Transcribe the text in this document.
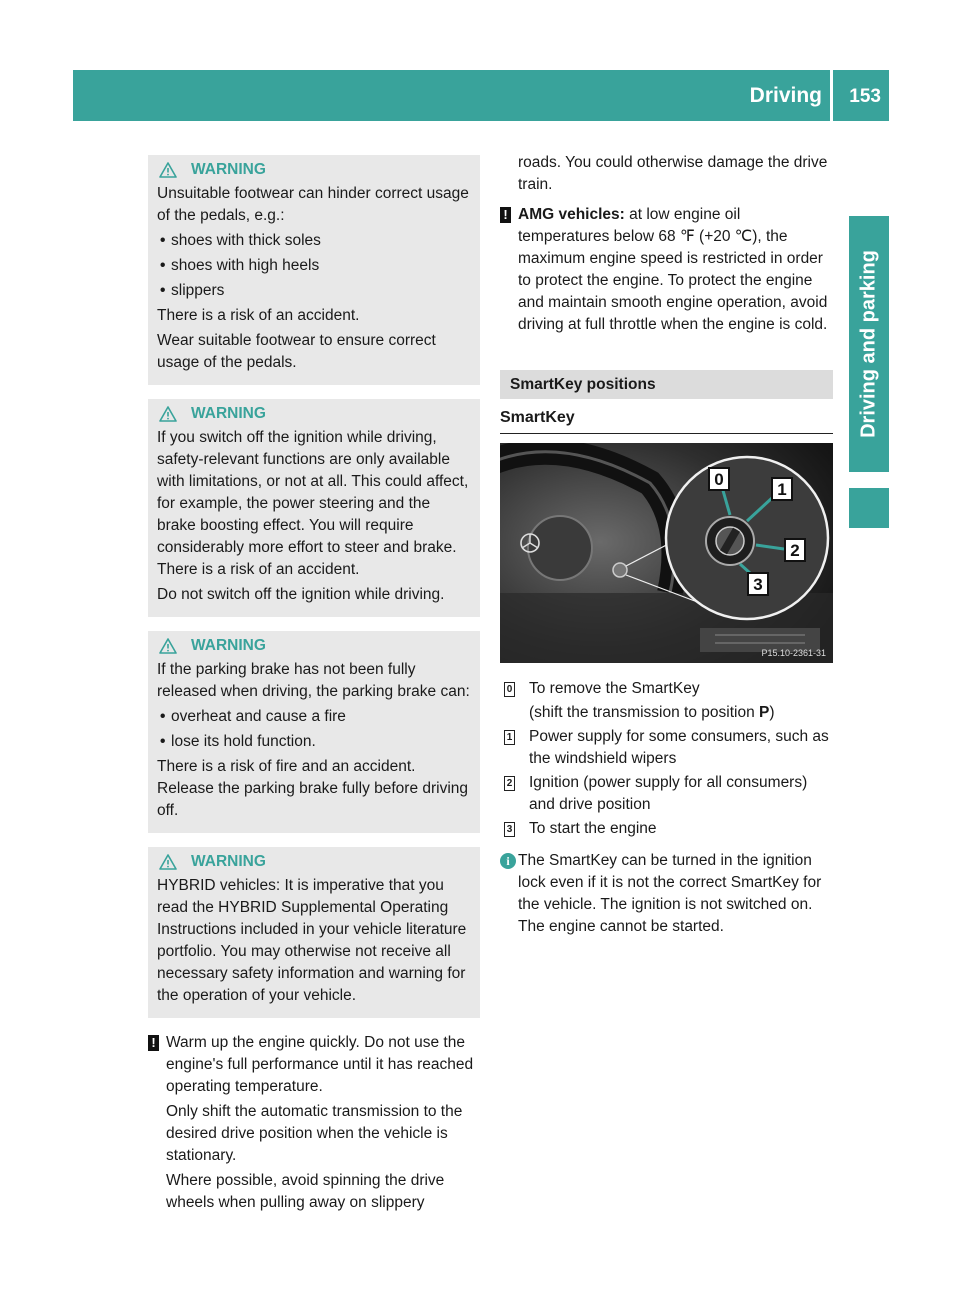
Driving 153
Driving and parking
WARNING

Unsuitable footwear can hinder correct usage of the pedals, e.g.:

• shoes with thick soles

• shoes with high heels

• slippers

There is a risk of an accident.

Wear suitable footwear to ensure correct usage of the pedals.

WARNING

If you switch off the ignition while driving, safety-relevant functions are only available with limitations, or not at all. This could affect, for example, the power steering and the brake boosting effect. You will require considerably more effort to steer and brake. There is a risk of an accident.

Do not switch off the ignition while driving.

WARNING

If the parking brake has not been fully released when driving, the parking brake can:

• overheat and cause a fire

• lose its hold function.

There is a risk of fire and an accident. Release the parking brake fully before driving off.

WARNING

HYBRID vehicles: It is imperative that you read the HYBRID Supplemental Operating Instructions included in your vehicle literature portfolio. You may otherwise not receive all necessary safety information and warning for the operation of your vehicle.

! Warm up the engine quickly. Do not use the engine's full performance until it has reached operating temperature.

Only shift the automatic transmission to the desired drive position when the vehicle is stationary.

Where possible, avoid spinning the drive wheels when pulling away on slippery

roads. You could otherwise damage the drive train.

! AMG vehicles: at low engine oil temperatures below 68 ℉ (+20 ℃), the maximum engine speed is restricted in order to protect the engine. To protect the engine and maintain smooth engine operation, avoid driving at full throttle when the engine is cold.

SmartKey positions
SmartKey
0
1
2
3
P15.10-2361-31
0 To remove the SmartKey

(shift the transmission to position P)

1 Power supply for some consumers, such as the windshield wipers

2 Ignition (power supply for all consumers) and drive position

3 To start the engine

i The SmartKey can be turned in the ignition lock even if it is not the correct SmartKey for the vehicle. The ignition is not switched on. The engine cannot be started.
